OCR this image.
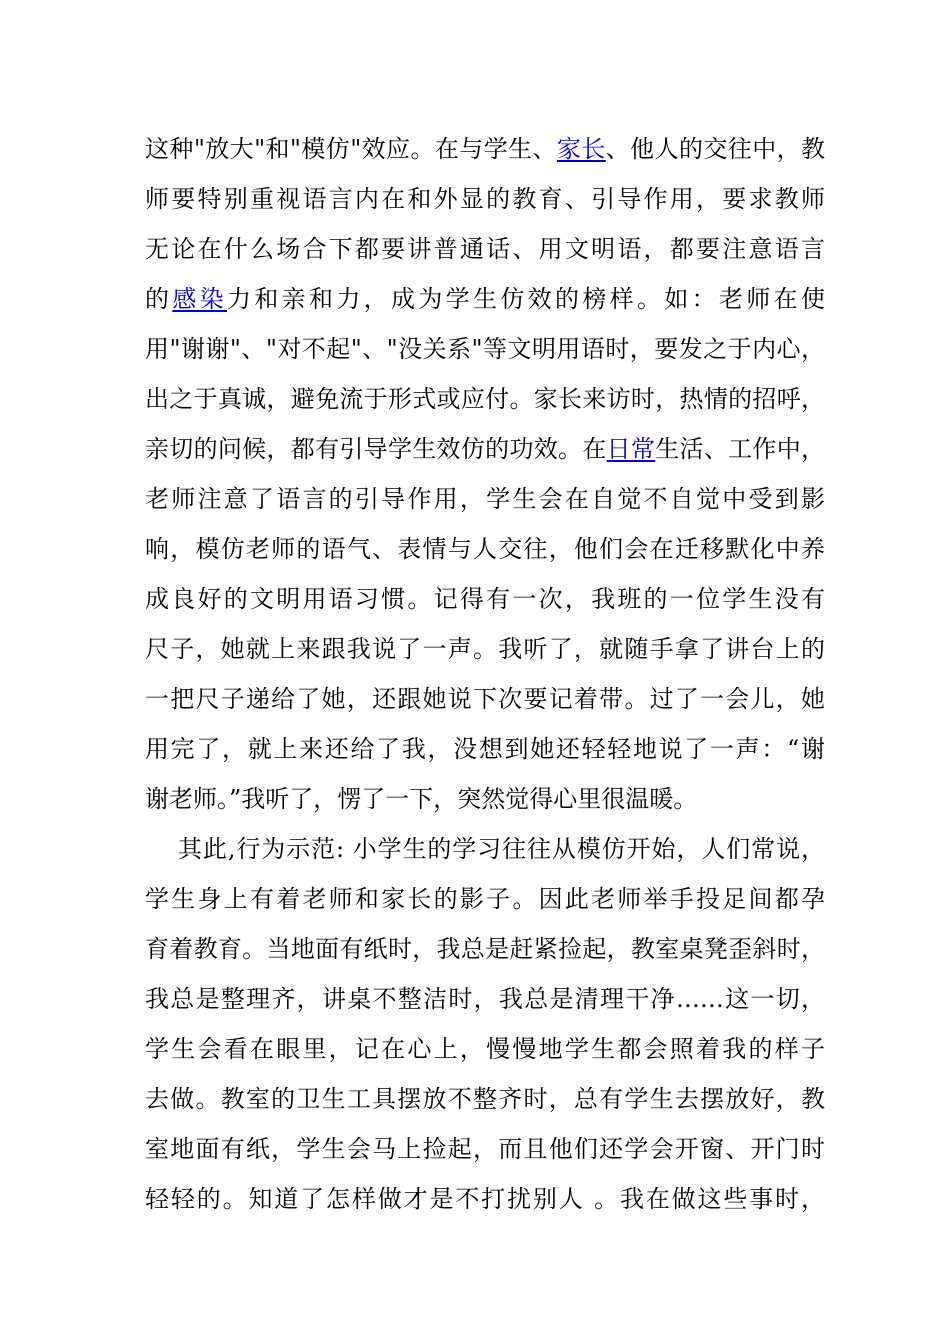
这种"放大"和"模仿"效应。在与学生、家长、他人的交往中，教
师要特别重视语言内在和外显的教育、引导作用，要求教师
无论在什么场合下都要讲普通话、用文明语，都要注意语言
的感染力和亲和力，成为学生仿效的榜样。如：老师在使
用"谢谢"、"对不起"、"没关系"等文明用语时，要发之于内心，
出之于真诚，避免流于形式或应付。家长来访时，热情的招呼，
亲切的问候，都有引导学生效仿的功效。在日常生活、工作中，
老师注意了语言的引导作用，学生会在自觉不自觉中受到影
响，模仿老师的语气、表情与人交往，他们会在迁移默化中养
成良好的文明用语习惯。记得有一次，我班的一位学生没有
尺子，她就上来跟我说了一声。我听了，就随手拿了讲台上的
一把尺子递给了她，还跟她说下次要记着带。过了一会儿，她
用完了，就上来还给了我，没想到她还轻轻地说了一声：“谢
谢老师。”我听了，愣了一下，突然觉得心里很温暖。
其此,行为示范: 小学生的学习往往从模仿开始，人们常说，
学生身上有着老师和家长的影子。因此老师举手投足间都孕
育着教育。当地面有纸时，我总是赶紧捡起，教室桌凳歪斜时，
我总是整理齐，讲桌不整洁时，我总是清理干净……这一切，
学生会看在眼里，记在心上，慢慢地学生都会照着我的样子
去做。教室的卫生工具摆放不整齐时，总有学生去摆放好，教
室地面有纸，学生会马上捡起，而且他们还学会开窗、开门时
轻轻的。知道了怎样做才是不打扰别人 。我在做这些事时，
